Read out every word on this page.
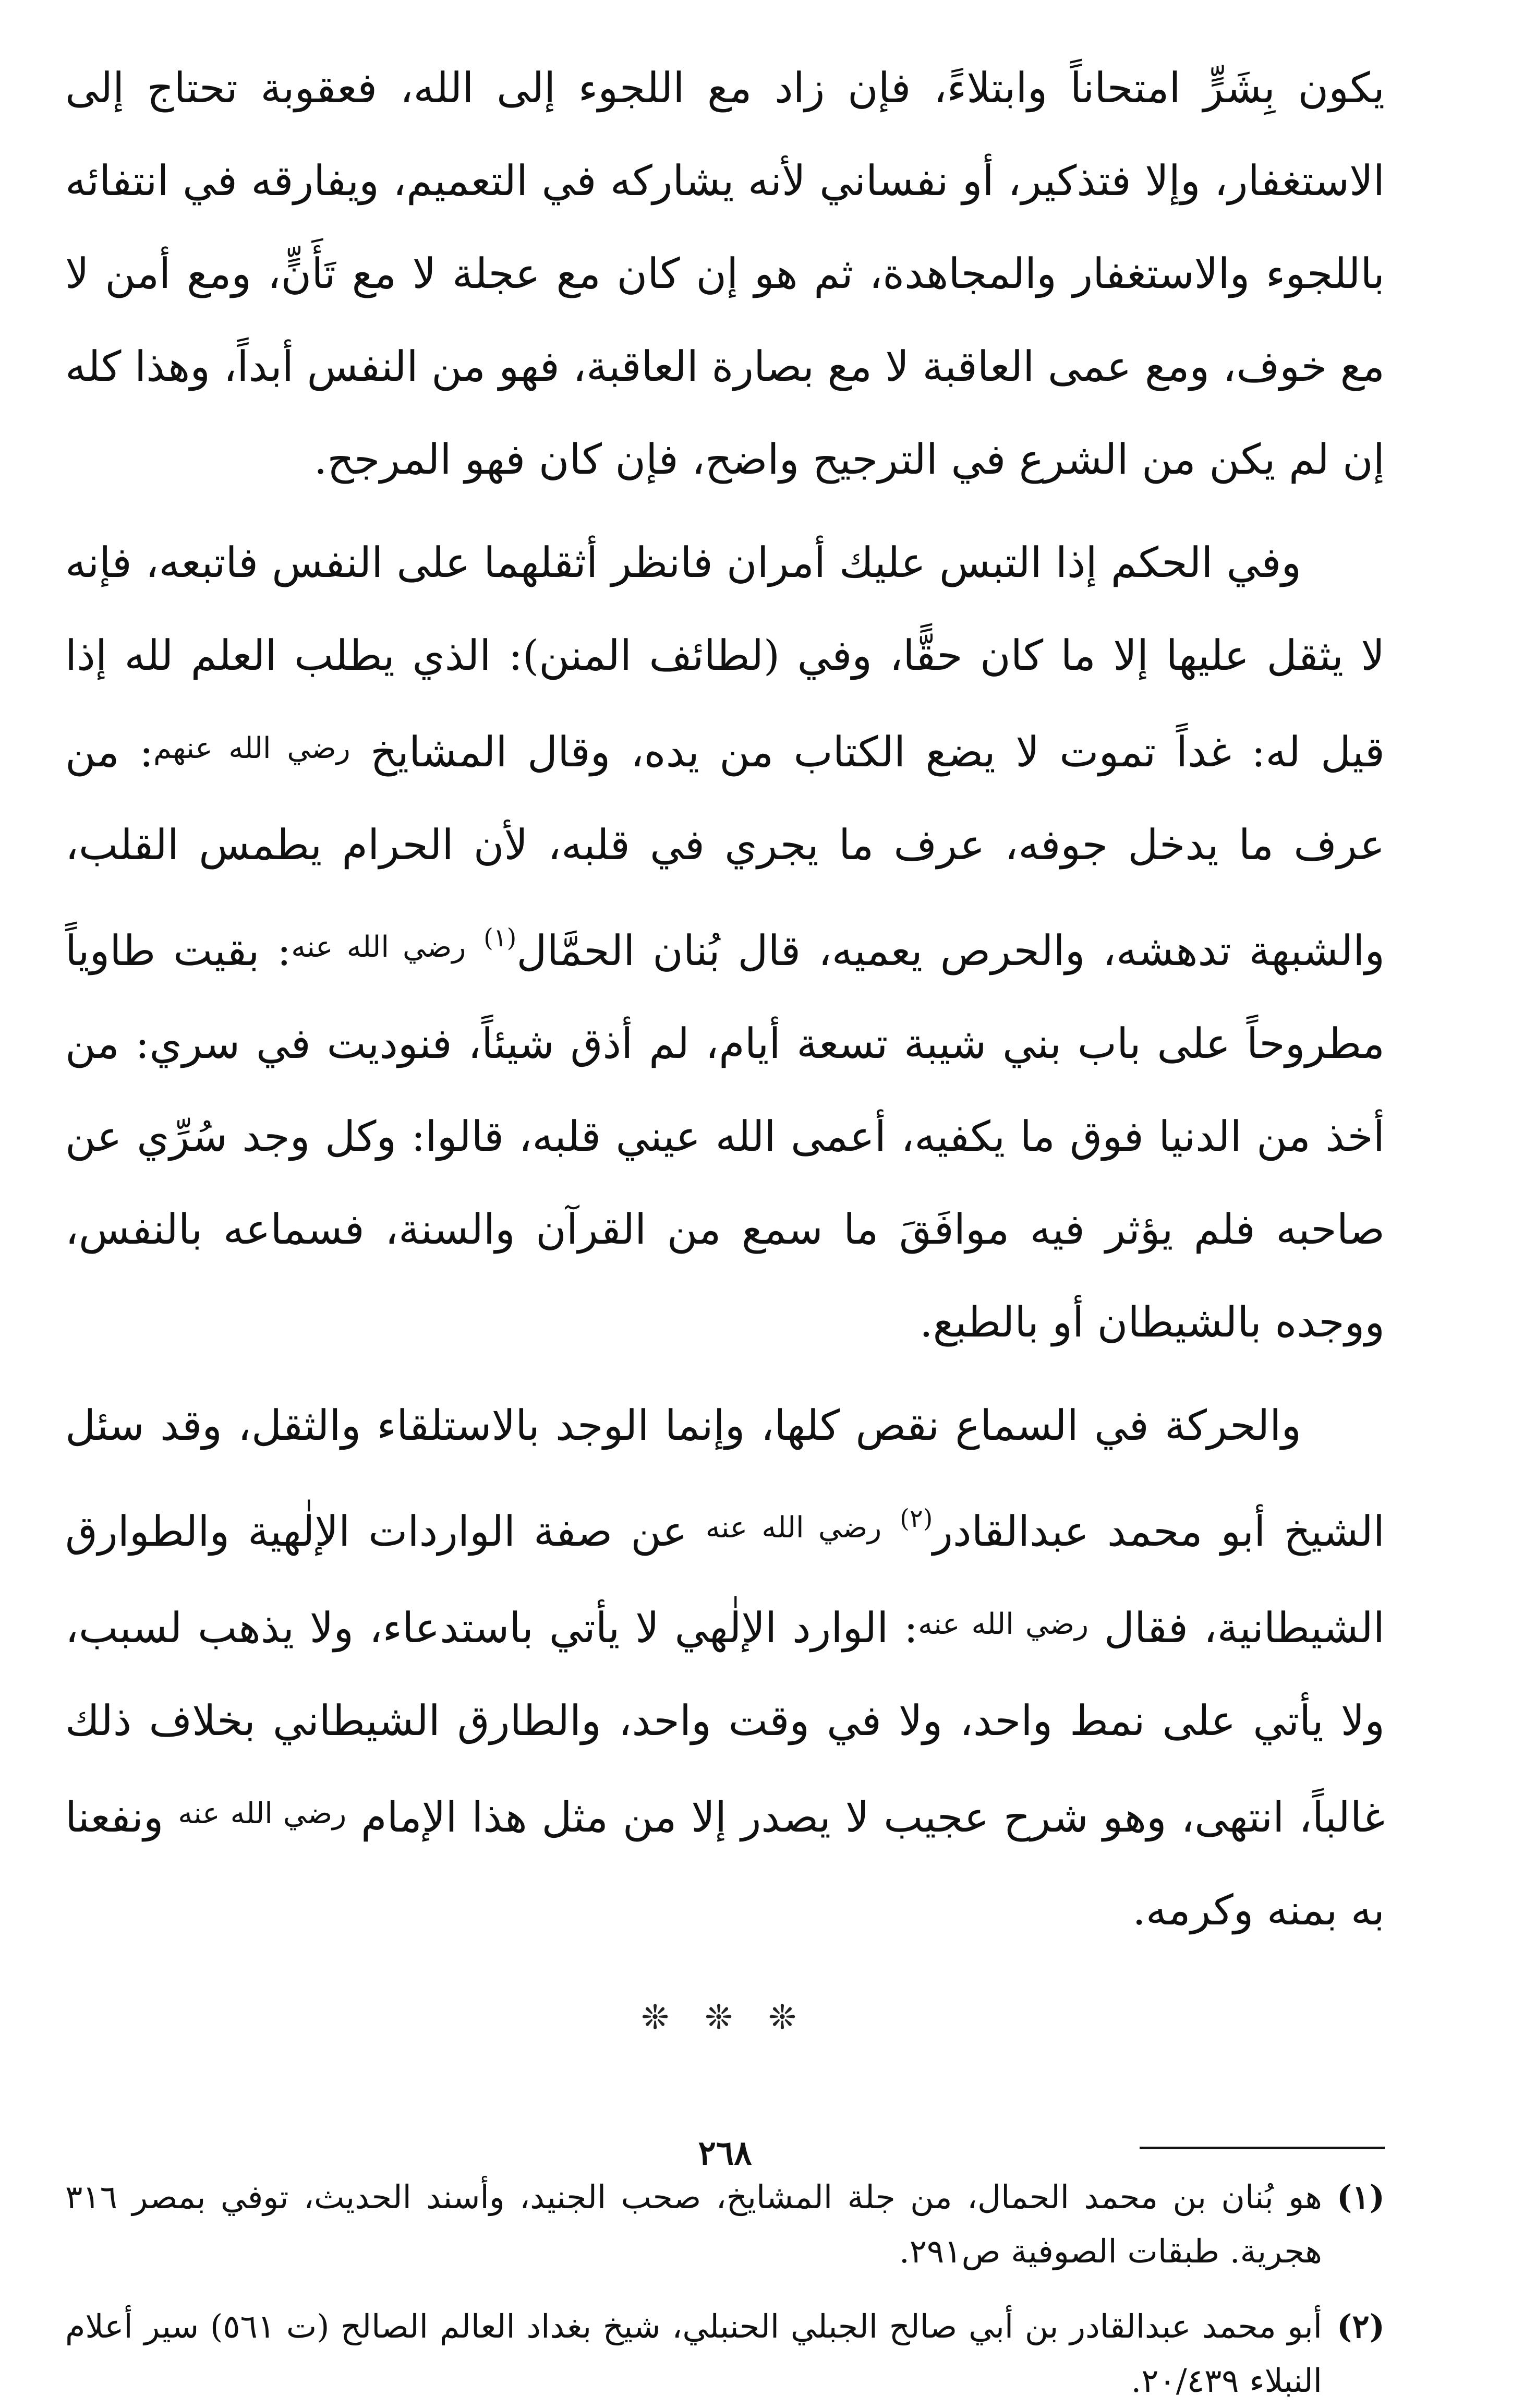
يكون بِشَرٍّ امتحاناً وابتلاءً، فإن زاد مع اللجوء إلى الله، فعقوبة تحتاج إلى الاستغفار، وإلا فتذكير، أو نفساني لأنه يشاركه في التعميم، ويفارقه في انتفائه باللجوء والاستغفار والمجاهدة، ثم هو إن كان مع عجلة لا مع تَأَنٍّ، ومع أمن لا مع خوف، ومع عمى العاقبة لا مع بصارة العاقبة، فهو من النفس أبداً، وهذا كله إن لم يكن من الشرع في الترجيح واضح، فإن كان فهو المرجح.

وفي الحكم إذا التبس عليك أمران فانظر أثقلهما على النفس فاتبعه، فإنه لا يثقل عليها إلا ما كان حقًّا، وفي (لطائف المنن): الذي يطلب العلم لله إذا قيل له: غداً تموت لا يضع الكتاب من يده، وقال المشايخ $^{رضي الله عنهم}$: من عرف ما يدخل جوفه، عرف ما يجري في قلبه، لأن الحرام يطمس القلب، والشبهة تدهشه، والحرص يعميه، قال بُنان الحمَّال$^{(١)}$ $^{رضي الله عنه}$: بقيت طاوياً مطروحاً على باب بني شيبة تسعة أيام، لم أذق شيئاً، فنوديت في سري: من أخذ من الدنيا فوق ما يكفيه، أعمى الله عيني قلبه، قالوا: وكل وجد سُرِّي عن صاحبه فلم يؤثر فيه موافَقَ ما سمع من القرآن والسنة، فسماعه بالنفس، ووجده بالشيطان أو بالطبع.

والحركة في السماع نقص كلها، وإنما الوجد بالاستلقاء والثقل، وقد سئل الشيخ أبو محمد عبدالقادر$^{(٢)}$ $^{رضي الله عنه}$ عن صفة الواردات الإلٰهية والطوارق الشيطانية، فقال $^{رضي الله عنه}$: الوارد الإلٰهي لا يأتي باستدعاء، ولا يذهب لسبب، ولا يأتي على نمط واحد، ولا في وقت واحد، والطارق الشيطاني بخلاف ذلك غالباً، انتهى، وهو شرح عجيب لا يصدر إلا من مثل هذا الإمام $^{رضي الله عنه}$ ونفعنا به بمنه وكرمه.

❊ ❊ ❊
(١)
هو بُنان بن محمد الحمال، من جلة المشايخ، صحب الجنيد، وأسند الحديث، توفي بمصر ٣١٦ هجرية. طبقات الصوفية ص٢٩١.
(٢)
أبو محمد عبدالقادر بن أبي صالح الجبلي الحنبلي، شيخ بغداد العالم الصالح (ت ٥٦١) سير أعلام النبلاء ٢٠/٤٣٩.
٢٦٨
